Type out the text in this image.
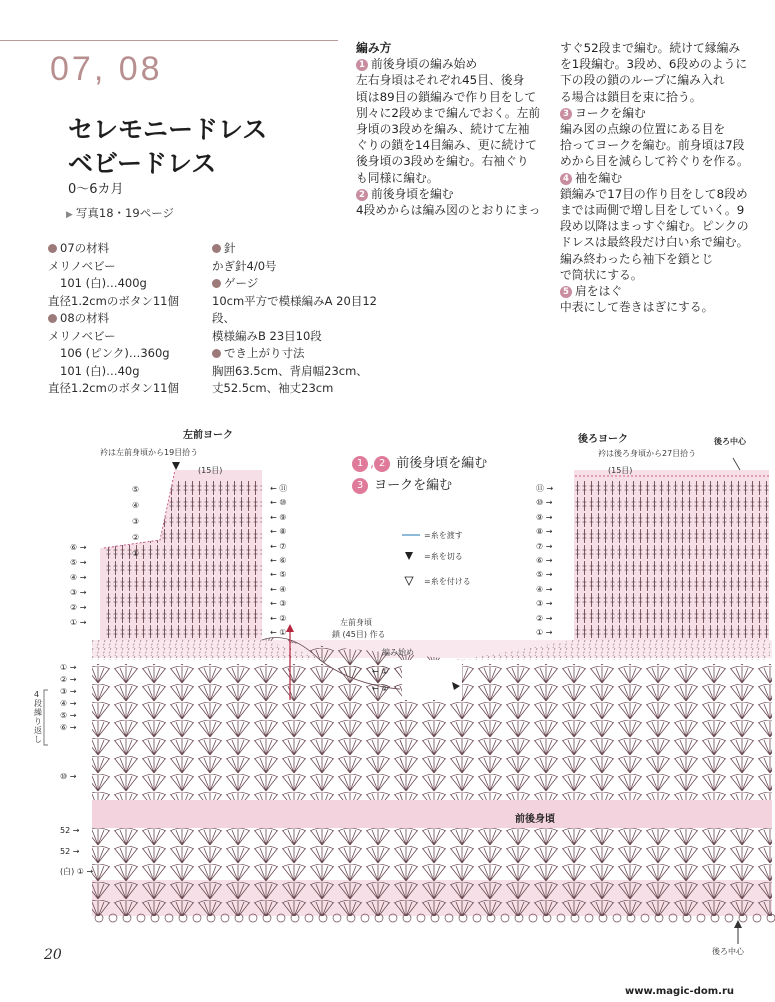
07, 08
セレモニードレス
ベビードレス
0〜6カ月
▶ 写真18・19ページ
07の材料
メリノベビー
101 (白)…400g
直径1.2cmのボタン11個
08の材料
メリノベビー
106 (ピンク)…360g
101 (白)…40g
直径1.2cmのボタン11個
針
かぎ針4/0号
ゲージ
10cm平方で模様編みA 20目12段、
模様編みB 23目10段
でき上がり寸法
胸囲63.5cm、背肩幅23cm、
丈52.5cm、袖丈23cm
編み方
1 前後身頃の編み始め
左右身頃はそれぞれ45目、後身
頃は89目の鎖編みで作り目をして
別々に2段めまで編んでおく。左前
身頃の3段めを編み、続けて左袖
ぐりの鎖を14目編み、更に続けて
後身頃の3段めを編む。右袖ぐり
も同様に編む。
2 前後身頃を編む
4段めからは編み図のとおりにまっ
すぐ52段まで編む。続けて縁編み
を1段編む。3段め、6段めのように
下の段の鎖のループに編み入れ
る場合は鎖目を束に拾う。
3 ヨークを編む
編み図の点線の位置にある目を
拾ってヨークを編む。前身頃は7段
めから目を減らして衿ぐりを作る。
4 袖を編む
鎖編みで17目の作り目をして8段め
までは両側で増し目をしていく。9
段め以降はまっすぐ編む。ピンクの
ドレスは最終段だけ白い糸で編む。
編み終わったら袖下を鎖とじ
で筒状にする。
5 肩をはぐ
中表にして巻きはぎにする。
左前ヨーク
衿は左前身頃から19目拾う
後ろヨーク
衿は後ろ身頃から27目拾う
後ろ中心
(15目)	(15目)
1 , 2 前後身頃を編む
3 ヨークを編む
=糸を渡す
=糸を切る
=糸を付ける
左前身頃
鎖 (45目) 作る
編み始め
前後身頃
4段繰り返し
後ろ中心
⑤
④
③
②
①
⑥ →
⑤ →
④ →
③ →
② →
① →
← ⑪
← ⑩
← ⑨
← ⑧
← ⑦
← ⑥
← ⑤
← ④
← ③
← ②
← ①
⑪ →
⑩ →
⑨ →
⑧ →
⑦ →
⑥ →
⑤ →
④ →
③ →
② →
① →
① →
② →
③ →
④ →
⑤ →
⑥ →
⑩ →
52 →
52 →
(白) ① →
← ①
← ②
20
www.magic-dom.ru
